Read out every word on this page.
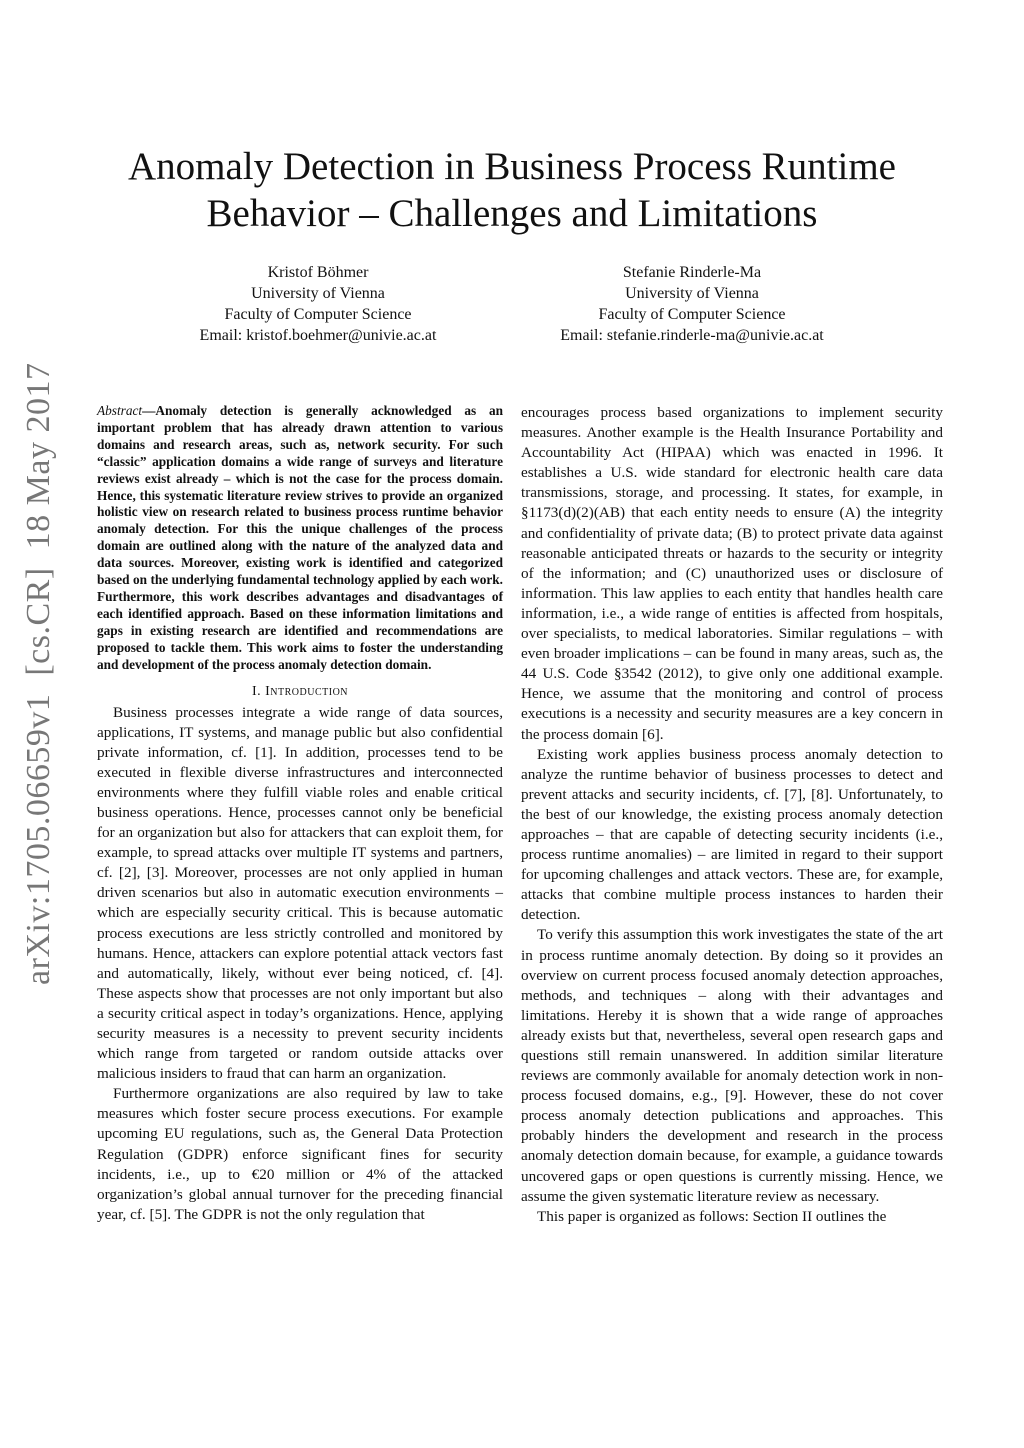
Anomaly Detection in Business Process Runtime Behavior – Challenges and Limitations
Kristof Böhmer
University of Vienna
Faculty of Computer Science
Email: kristof.boehmer@univie.ac.at
Stefanie Rinderle-Ma
University of Vienna
Faculty of Computer Science
Email: stefanie.rinderle-ma@univie.ac.at
arXiv:1705.06659v1  [cs.CR]  18 May 2017	Abstract—Anomaly detection is generally acknowledged as an important problem that has already drawn attention to various domains and research areas, such as, network security. For such “classic” application domains a wide range of surveys and literature reviews exist already – which is not the case for the process domain. Hence, this systematic literature review strives to provide an organized holistic view on research related to business process runtime behavior anomaly detection. For this the unique challenges of the process domain are outlined along with the nature of the analyzed data and data sources. Moreover, existing work is identified and categorized based on the underlying fundamental technology applied by each work. Furthermore, this work describes advantages and disadvantages of each identified approach. Based on these information limitations and gaps in existing research are identified and recommendations are proposed to tackle them. This work aims to foster the understanding and development of the process anomaly detection domain.

I. Introduction

Business processes integrate a wide range of data sources, applications, IT systems, and manage public but also confidential private information, cf. [1]. In addition, processes tend to be executed in flexible diverse infrastructures and interconnected environments where they fulfill viable roles and enable critical business operations. Hence, processes cannot only be beneficial for an organization but also for attackers that can exploit them, for example, to spread attacks over multiple IT systems and partners, cf. [2], [3]. Moreover, processes are not only applied in human driven scenarios but also in automatic execution environments – which are especially security critical. This is because automatic process executions are less strictly controlled and monitored by humans. Hence, attackers can explore potential attack vectors fast and automatically, likely, without ever being noticed, cf. [4]. These aspects show that processes are not only important but also a security critical aspect in today’s organizations. Hence, applying security measures is a necessity to prevent security incidents which range from targeted or random outside attacks over malicious insiders to fraud that can harm an organization.

Furthermore organizations are also required by law to take measures which foster secure process executions. For example upcoming EU regulations, such as, the General Data Protection Regulation (GDPR) enforce significant fines for security incidents, i.e., up to €20 million or 4% of the attacked organization’s global annual turnover for the preceding financial year, cf. [5]. The GDPR is not the only regulation that

encourages process based organizations to implement security measures. Another example is the Health Insurance Portability and Accountability Act (HIPAA) which was enacted in 1996. It establishes a U.S. wide standard for electronic health care data transmissions, storage, and processing. It states, for example, in §1173(d)(2)(AB) that each entity needs to ensure (A) the integrity and confidentiality of private data; (B) to protect private data against reasonable anticipated threats or hazards to the security or integrity of the information; and (C) unauthorized uses or disclosure of information. This law applies to each entity that handles health care information, i.e., a wide range of entities is affected from hospitals, over specialists, to medical laboratories. Similar regulations – with even broader implications – can be found in many areas, such as, the 44 U.S. Code §3542 (2012), to give only one additional example. Hence, we assume that the monitoring and control of process executions is a necessity and security measures are a key concern in the process domain [6].

Existing work applies business process anomaly detection to analyze the runtime behavior of business processes to detect and prevent attacks and security incidents, cf. [7], [8]. Unfortunately, to the best of our knowledge, the existing process anomaly detection approaches – that are capable of detecting security incidents (i.e., process runtime anomalies) – are limited in regard to their support for upcoming challenges and attack vectors. These are, for example, attacks that combine multiple process instances to harden their detection.

To verify this assumption this work investigates the state of the art in process runtime anomaly detection. By doing so it provides an overview on current process focused anomaly detection approaches, methods, and techniques – along with their advantages and limitations. Hereby it is shown that a wide range of approaches already exists but that, nevertheless, several open research gaps and questions still remain unanswered. In addition similar literature reviews are commonly available for anomaly detection work in non-process focused domains, e.g., [9]. However, these do not cover process anomaly detection publications and approaches. This probably hinders the development and research in the process anomaly detection domain because, for example, a guidance towards uncovered gaps or open questions is currently missing. Hence, we assume the given systematic literature review as necessary.

This paper is organized as follows: Section II outlines the
